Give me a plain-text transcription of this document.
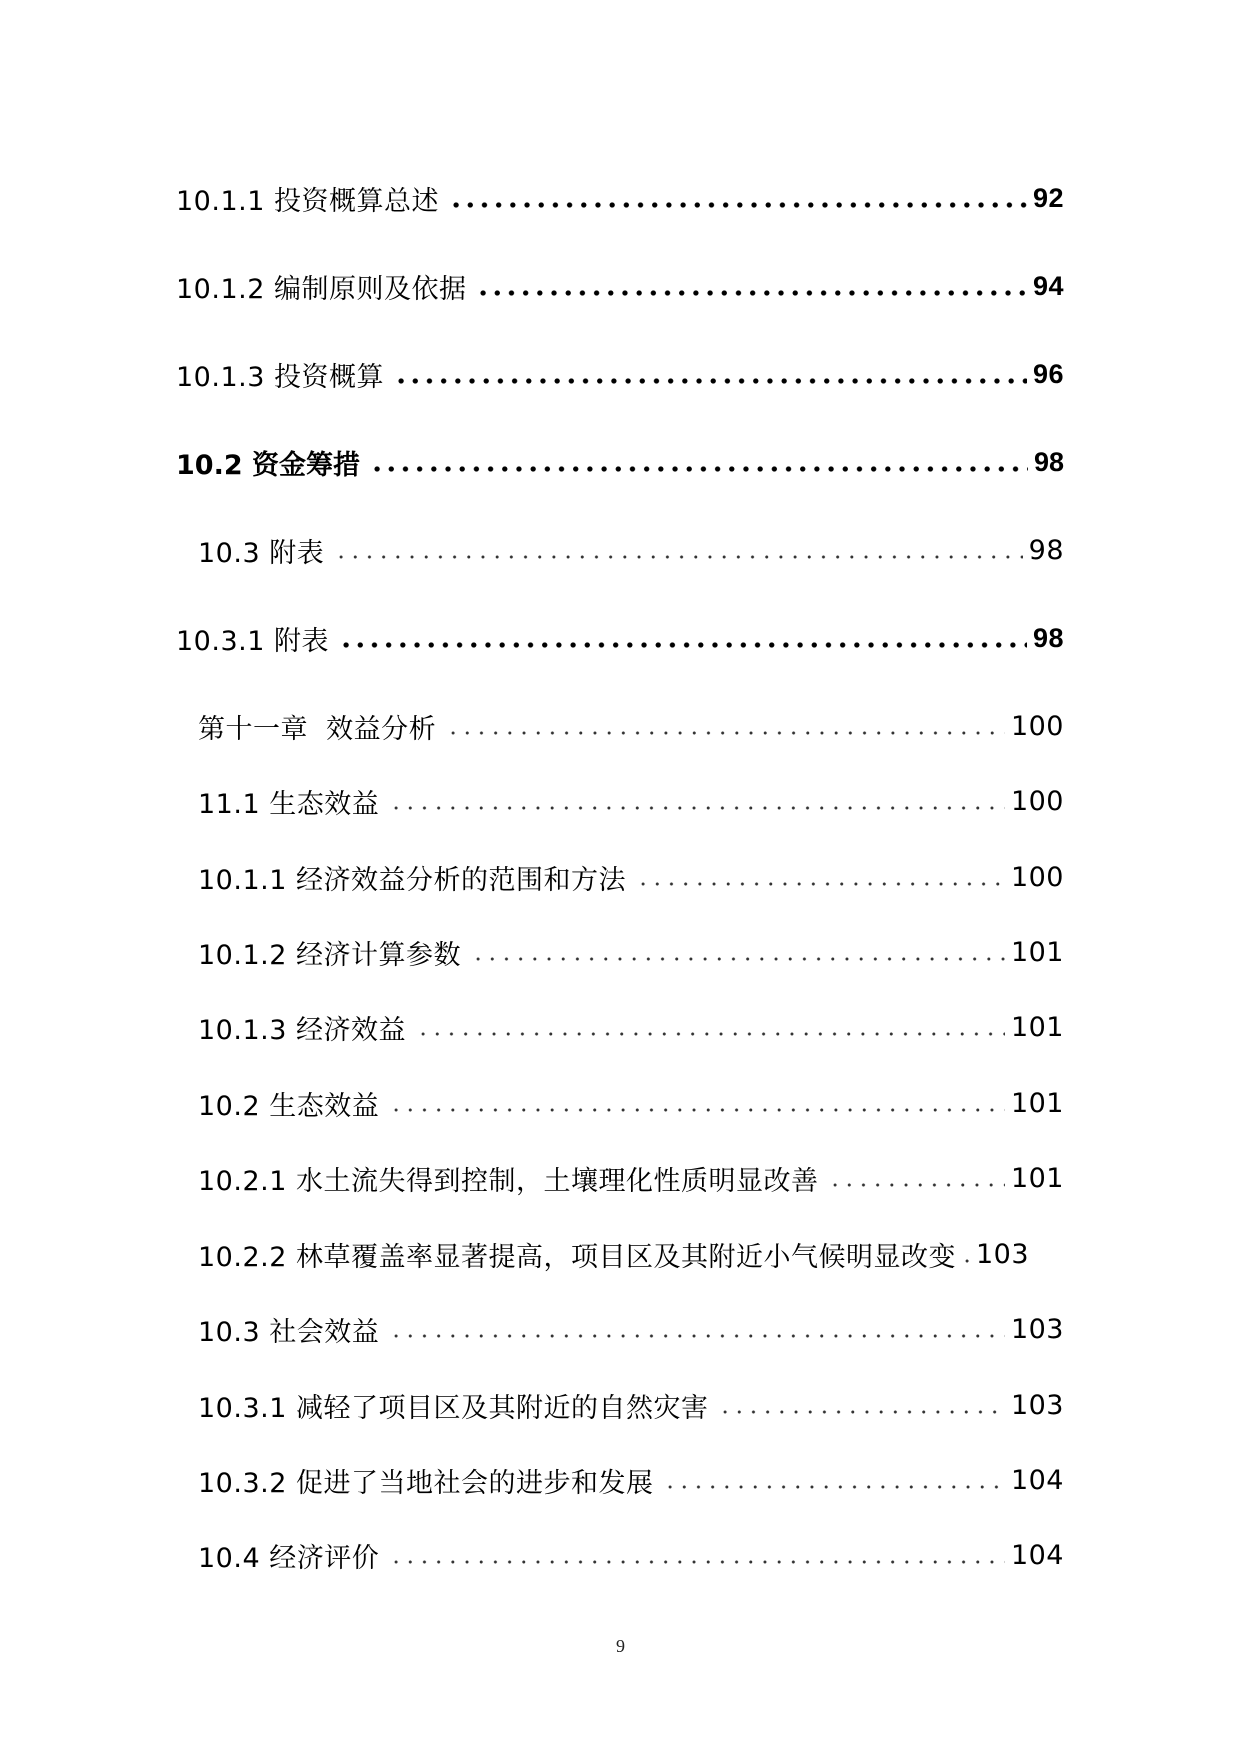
10.1.1 投资概算总述	92
10.1.2 编制原则及依据	94
10.1.3 投资概算	96
10.2 资金筹措	98
10.3 附表	98
10.3.1 附表	98
第十一章  效益分析	100
11.1 生态效益	100
10.1.1 经济效益分析的范围和方法	100
10.1.2 经济计算参数	101
10.1.3 经济效益	101
10.2 生态效益	101
10.2.1 水土流失得到控制，土壤理化性质明显改善	101
10.2.2 林草覆盖率显著提高，项目区及其附近小气候明显改变 103
10.3 社会效益	103
10.3.1 减轻了项目区及其附近的自然灾害	103
10.3.2 促进了当地社会的进步和发展	104
10.4 经济评价	104
9
